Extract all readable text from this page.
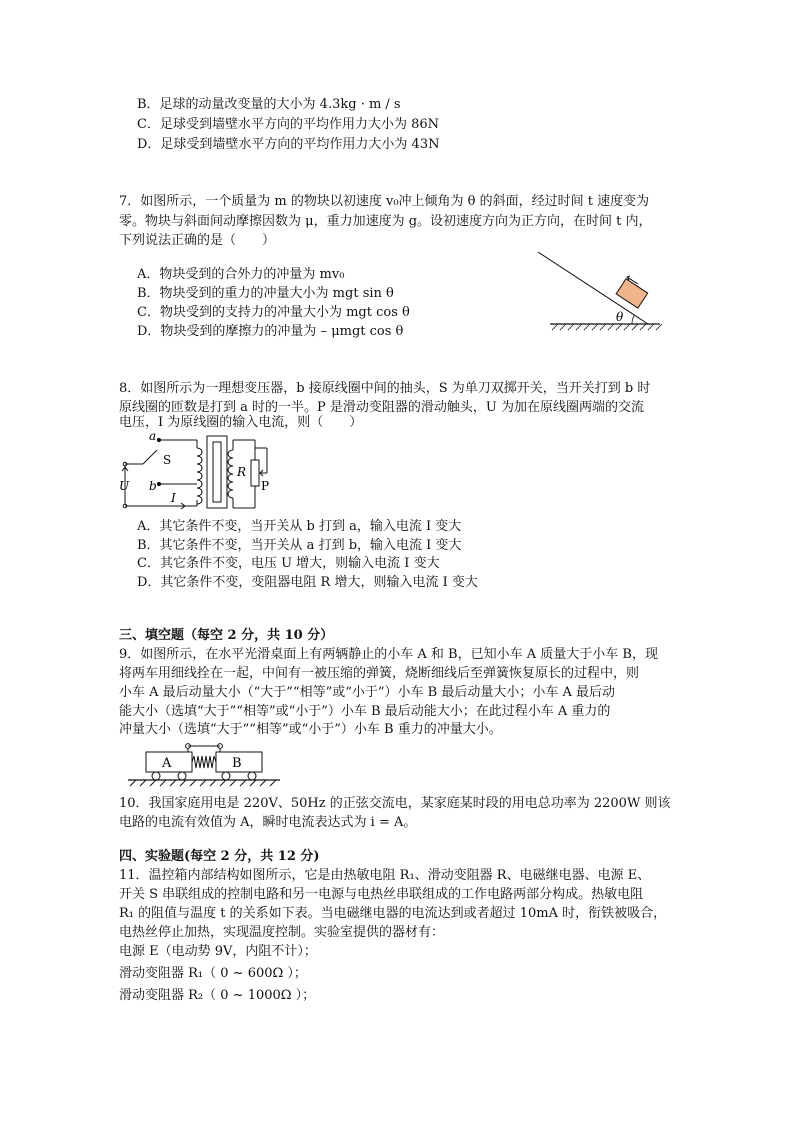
B．足球的动量改变量的大小为 4.3kg · m / s
C．足球受到墙壁水平方向的平均作用力大小为 86N
D．足球受到墙壁水平方向的平均作用力大小为 43N
7．如图所示，一个质量为 m 的物块以初速度 v₀冲上倾角为 θ 的斜面，经过时间 t 速度变为
零。物块与斜面间动摩擦因数为 μ，重力加速度为 g。设初速度方向为正方向，在时间 t 内，
下列说法正确的是（　　）
A．物块受到的合外力的冲量为 mv₀
B．物块受到的重力的冲量大小为 mgt sin θ
C．物块受到的支持力的冲量大小为 mgt cos θ
D．物块受到的摩擦力的冲量为 – μmgt cos θ
θ
8．如图所示为一理想变压器，b 接原线圈中间的抽头，S 为单刀双掷开关，当开关打到 b 时
原线圈的匝数是打到 a 时的一半。P 是滑动变阻器的滑动触头，U 为加在原线圈两端的交流
电压，I 为原线圈的输入电流，则（　　）
a
S
b
U
I
R
P
A．其它条件不变，当开关从 b 打到 a，输入电流 I 变大
B．其它条件不变，当开关从 a 打到 b，输入电流 I 变大
C．其它条件不变，电压 U 增大，则输入电流 I 变大
D．其它条件不变，变阻器电阻 R 增大，则输入电流 I 变大
三、填空题（每空 2 分，共 10 分）
9．如图所示，在水平光滑桌面上有两辆静止的小车 A 和 B，已知小车 A 质量大于小车 B，现
将两车用细线拴在一起，中间有一被压缩的弹簧，烧断细线后至弹簧恢复原长的过程中，则
小车 A 最后动量大小（“大于”“相等”或“小于”）小车 B 最后动量大小；小车 A 最后动
能大小（选填“大于”“相等”或“小于”）小车 B 最后动能大小；在此过程小车 A 重力的
冲量大小（选填“大于”“相等”或“小于”）小车 B 重力的冲量大小。
A	B
10．我国家庭用电是 220V、50Hz 的正弦交流电，某家庭某时段的用电总功率为 2200W 则该
电路的电流有效值为 A，瞬时电流表达式为 i = A。
四、实验题(每空 2 分，共 12 分)
11．温控箱内部结构如图所示，它是由热敏电阻 R₁、滑动变阻器 R、电磁继电器、电源 E、
开关 S 串联组成的控制电路和另一电源与电热丝串联组成的工作电路两部分构成。热敏电阻
R₁ 的阻值与温度 t 的关系如下表。当电磁继电器的电流达到或者超过 10mA 时，衔铁被吸合，
电热丝停止加热，实现温度控制。实验室提供的器材有：
电源 E（电动势 9V，内阻不计）；
滑动变阻器 R₁（ 0 ~ 600Ω ）；
滑动变阻器 R₂（ 0 ~ 1000Ω ）；
